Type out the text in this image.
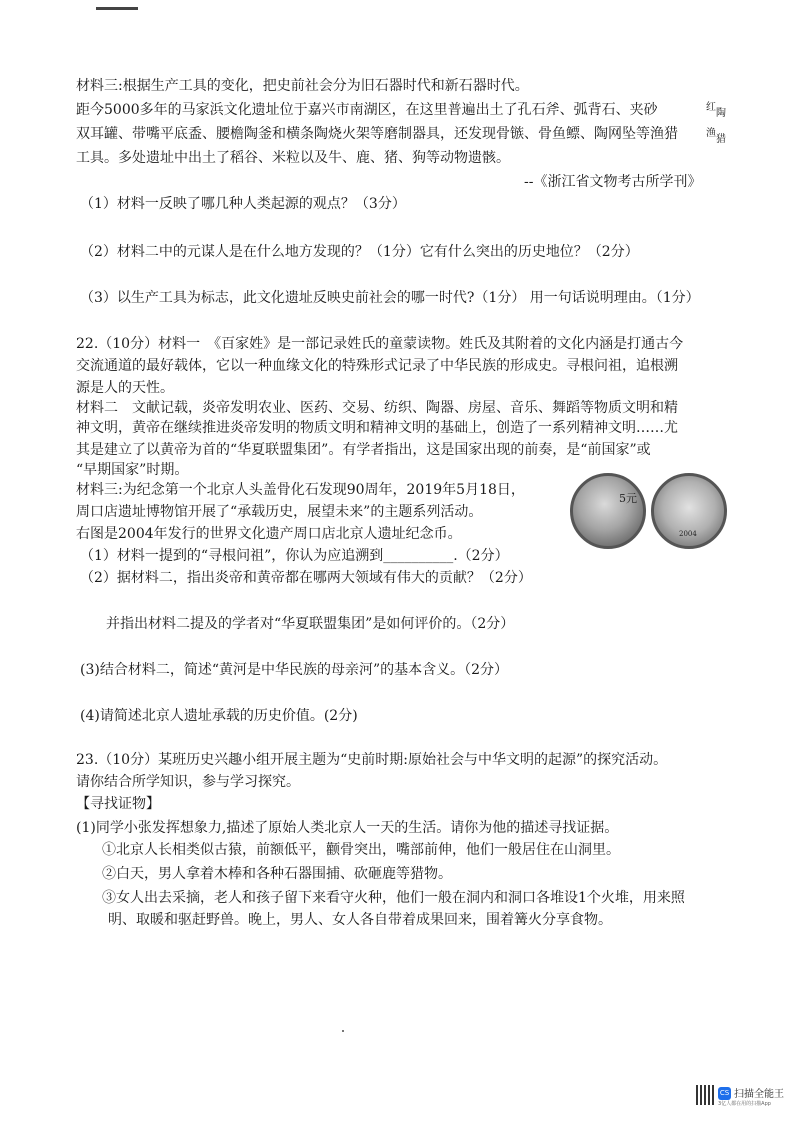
材料三:根据生产工具的变化，把史前社会分为旧石器时代和新石器时代。
距今5000多年的马家浜文化遗址位于嘉兴市南湖区，在这里普遍出土了孔石斧、弧背石、夹砂
双耳罐、带嘴平底盉、腰檐陶釜和横条陶烧火架等磨制器具，还发现骨镞、骨鱼鳔、陶网坠等渔猎
工具。多处遗址中出土了稻谷、米粒以及牛、鹿、猪、狗等动物遗骸。
--《浙江省文物考古所学刊》
红
陶
渔
猎
（1）材料一反映了哪几种人类起源的观点？（3分）
（2）材料二中的元谋人是在什么地方发现的？（1分）它有什么突出的历史地位？（2分）
（3）以生产工具为标志，此文化遗址反映史前社会的哪一时代?（1分） 用一句话说明理由。（1分）
22.（10分）材料一　《百家姓》是一部记录姓氏的童蒙读物。姓氏及其附着的文化内涵是打通古今
交流通道的最好载体，它以一种血缘文化的特殊形式记录了中华民族的形成史。寻根问祖，追根溯
源是人的天性。
材料二　文献记载，炎帝发明农业、医药、交易、纺织、陶器、房屋、音乐、舞蹈等物质文明和精
神文明，黄帝在继续推进炎帝发明的物质文明和精神文明的基础上，创造了一系列精神文明……尤
其是建立了以黄帝为首的“华夏联盟集团”。有学者指出，这是国家出现的前奏，是“前国家”或
“早期国家”时期。
材料三:为纪念第一个北京人头盖骨化石发现90周年，2019年5月18日，
周口店遗址博物馆开展了“承载历史，展望未来”的主题系列活动。
右图是2004年发行的世界文化遗产周口店北京人遗址纪念币。
5元
2004
（1）材料一提到的“寻根问祖”，你认为应追溯到__________.（2分）
（2）据材料二，指出炎帝和黄帝都在哪两大领域有伟大的贡献？（2分）
并指出材料二提及的学者对“华夏联盟集团”是如何评价的。（2分）
(3)结合材料二，简述“黄河是中华民族的母亲河”的基本含义。（2分）
(4)请简述北京人遗址承载的历史价值。(2分)
23.（10分）某班历史兴趣小组开展主题为“史前时期:原始社会与中华文明的起源”的探究活动。
请你结合所学知识，参与学习探究。
【寻找证物】
(1)同学小张发挥想象力,描述了原始人类北京人一天的生活。请你为他的描述寻找证据。
①北京人长相类似古猿，前额低平，颧骨突出，嘴部前伸，他们一般居住在山洞里。
②白天，男人拿着木棒和各种石器围捕、砍砸鹿等猎物。
③女人出去采摘，老人和孩子留下来看守火种，他们一般在洞内和洞口各堆设1个火堆，用来照
明、取暖和驱赶野兽。晚上，男人、女人各自带着成果回来，围着篝火分享食物。
CS 扫描全能王
3亿人都在用的扫描App
